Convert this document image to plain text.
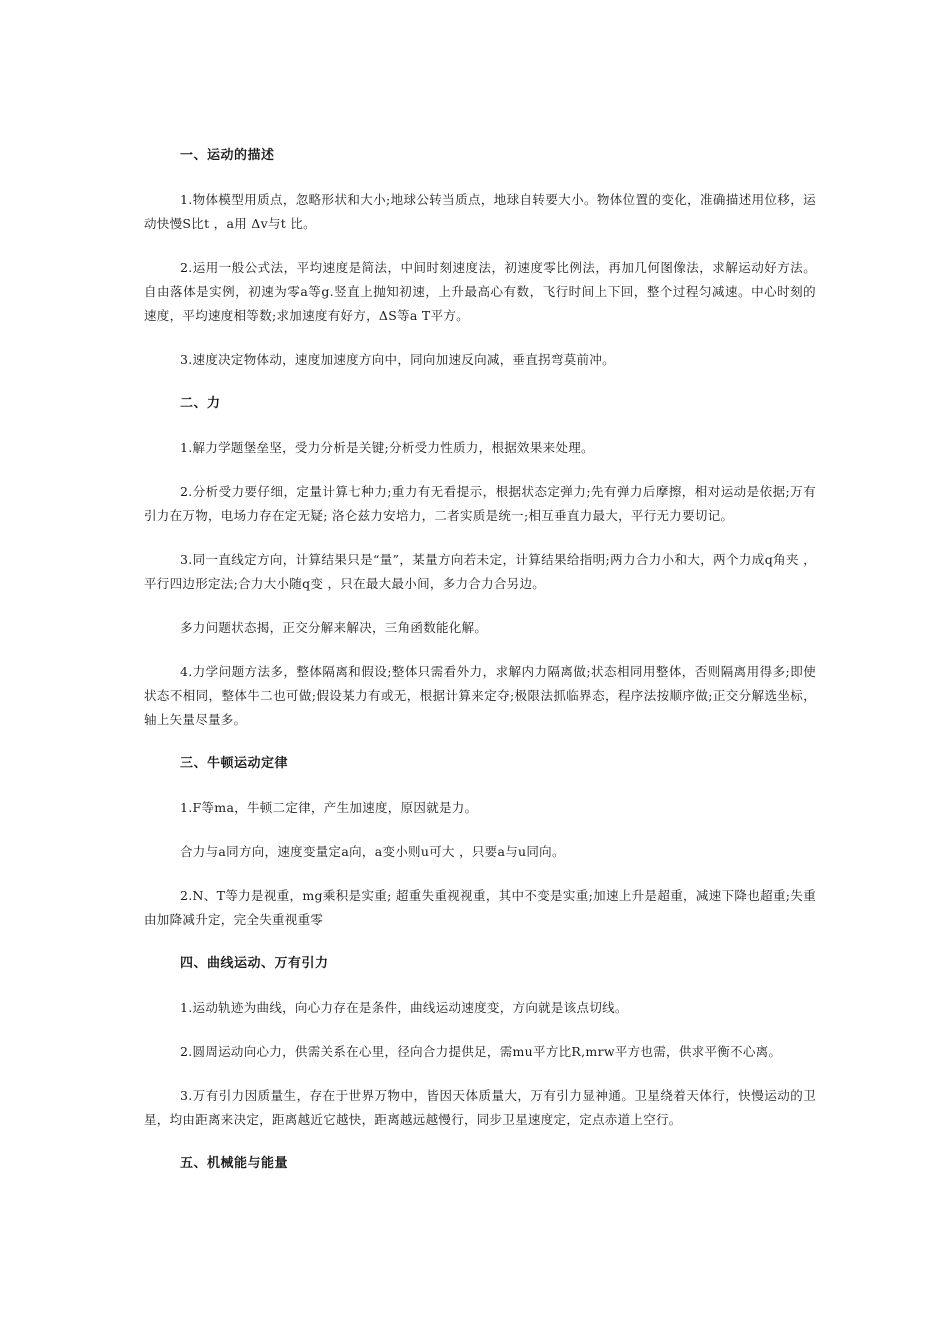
一、运动的描述

1.物体模型用质点，忽略形状和大小;地球公转当质点，地球自转要大小。物体位置的变化，准确描述用位移，运动快慢S比t ，a用 Δv与t 比。

2.运用一般公式法，平均速度是简法，中间时刻速度法，初速度零比例法，再加几何图像法，求解运动好方法。自由落体是实例，初速为零a等g.竖直上抛知初速，上升最高心有数，飞行时间上下回，整个过程匀减速。中心时刻的速度，平均速度相等数;求加速度有好方，ΔS等a T平方。

3.速度决定物体动，速度加速度方向中，同向加速反向减，垂直拐弯莫前冲。

二、力

1.解力学题堡垒坚，受力分析是关键;分析受力性质力，根据效果来处理。

2.分析受力要仔细，定量计算七种力;重力有无看提示，根据状态定弹力;先有弹力后摩擦，相对运动是依据;万有引力在万物，电场力存在定无疑; 洛仑兹力安培力，二者实质是统一;相互垂直力最大，平行无力要切记。

3.同一直线定方向，计算结果只是“量”，某量方向若未定，计算结果给指明;两力合力小和大，两个力成q角夹 ，平行四边形定法;合力大小随q变 ，只在最大最小间，多力合力合另边。

多力问题状态揭，正交分解来解决，三角函数能化解。

4.力学问题方法多，整体隔离和假设;整体只需看外力，求解内力隔离做;状态相同用整体，否则隔离用得多;即使状态不相同，整体牛二也可做;假设某力有或无，根据计算来定夺;极限法抓临界态，程序法按顺序做;正交分解选坐标，轴上矢量尽量多。

三、牛顿运动定律

1.F等ma，牛顿二定律，产生加速度，原因就是力。

合力与a同方向，速度变量定a向，a变小则u可大 ，只要a与u同向。

2.N、T等力是视重，mg乘积是实重; 超重失重视视重，其中不变是实重;加速上升是超重，减速下降也超重;失重由加降减升定，完全失重视重零

四、曲线运动、万有引力

1.运动轨迹为曲线，向心力存在是条件，曲线运动速度变，方向就是该点切线。

2.圆周运动向心力，供需关系在心里，径向合力提供足，需mu平方比R,mrw平方也需，供求平衡不心离。

3.万有引力因质量生，存在于世界万物中，皆因天体质量大，万有引力显神通。卫星绕着天体行，快慢运动的卫星，均由距离来决定，距离越近它越快，距离越远越慢行，同步卫星速度定，定点赤道上空行。

五、机械能与能量
